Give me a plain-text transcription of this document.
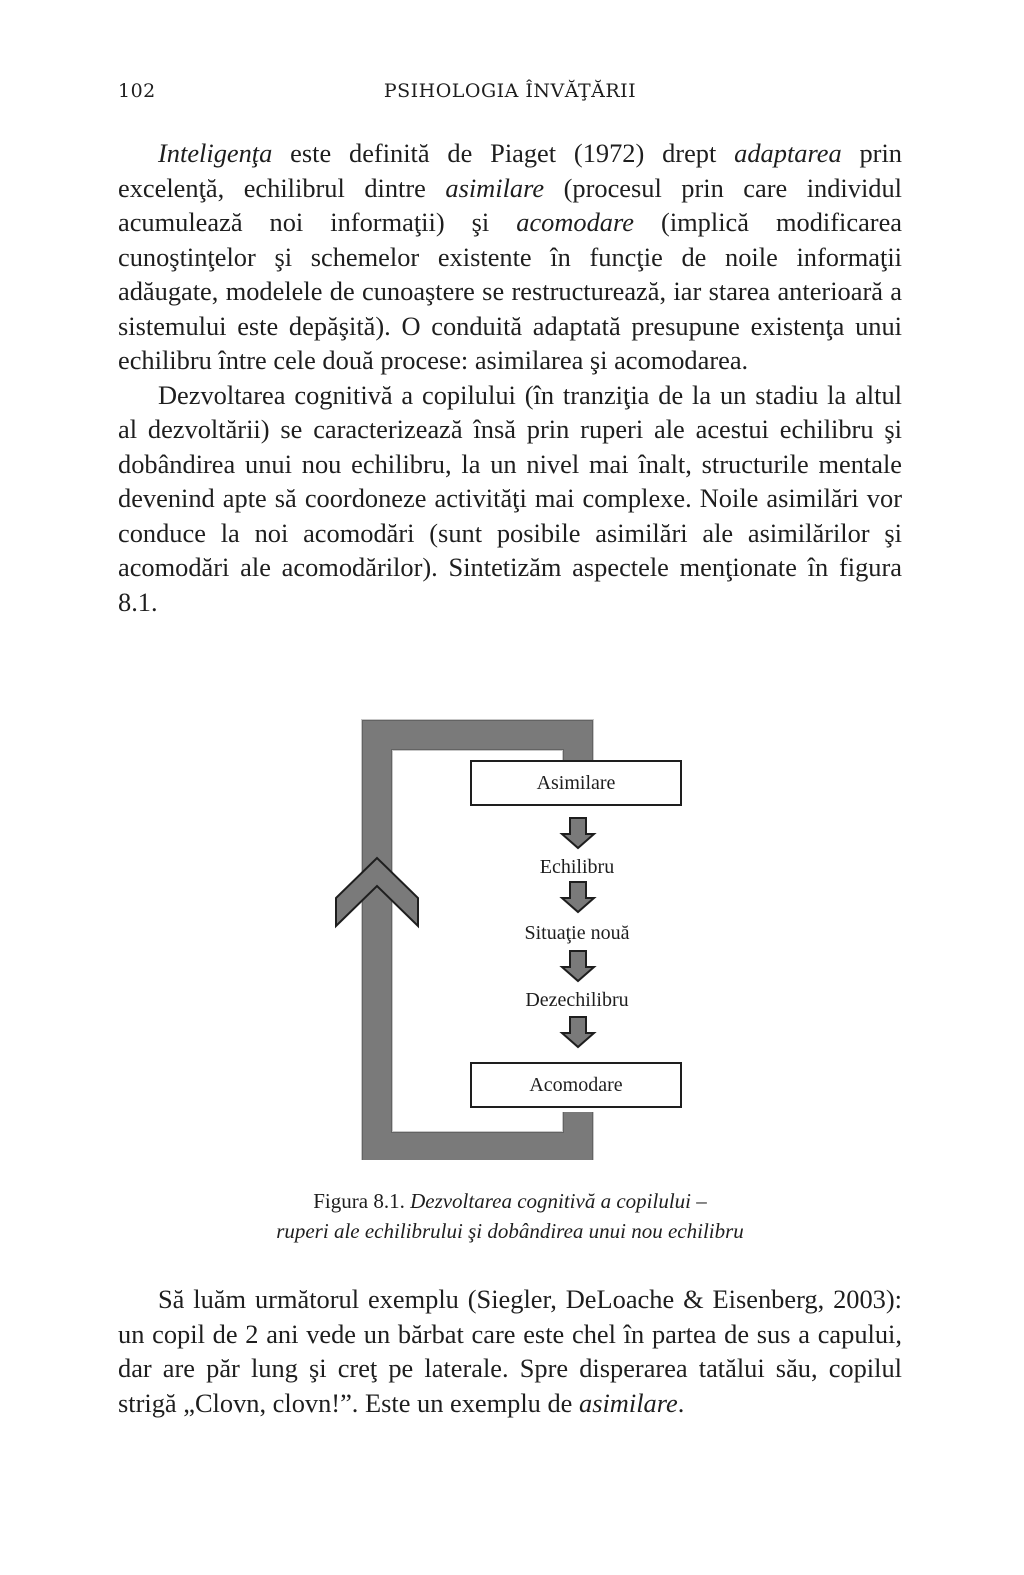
102	PSIHOLOGIA ÎNVĂŢĂRII

Inteligenţa este definită de Piaget (1972) drept adaptarea prin excelenţă, echilibrul dintre asimilare (procesul prin care individul acumulează noi informaţii) şi acomodare (implică modificarea cunoştinţelor şi schemelor existente în funcţie de noile informaţii adăugate, modelele de cunoaştere se restructurează, iar starea anterioară a sistemului este depăşită). O conduită adaptată presupune existenţa unui echilibru între cele două procese: asimilarea şi acomodarea.

Dezvoltarea cognitivă a copilului (în tranziţia de la un stadiu la altul al dezvoltării) se caracterizează însă prin ruperi ale acestui echilibru şi dobândirea unui nou echilibru, la un nivel mai înalt, structurile mentale devenind apte să coordoneze activităţi mai complexe. Noile asimilări vor conduce la noi acomodări (sunt posibile asimilări ale asimilărilor şi acomodări ale acomodărilor). Sintetizăm aspectele menţionate în figura 8.1.

Asimilare
Echilibru
Situaţie nouă
Dezechilibru
Acomodare
Figura 8.1. Dezvoltarea cognitivă a copilului –
ruperi ale echilibrului şi dobândirea unui nou echilibru

Să luăm următorul exemplu (Siegler, DeLoache & Eisenberg, 2003): un copil de 2 ani vede un bărbat care este chel în partea de sus a capului, dar are păr lung şi creţ pe laterale. Spre disperarea tatălui său, copilul strigă „Clovn, clovn!”. Este un exemplu de asimilare.
